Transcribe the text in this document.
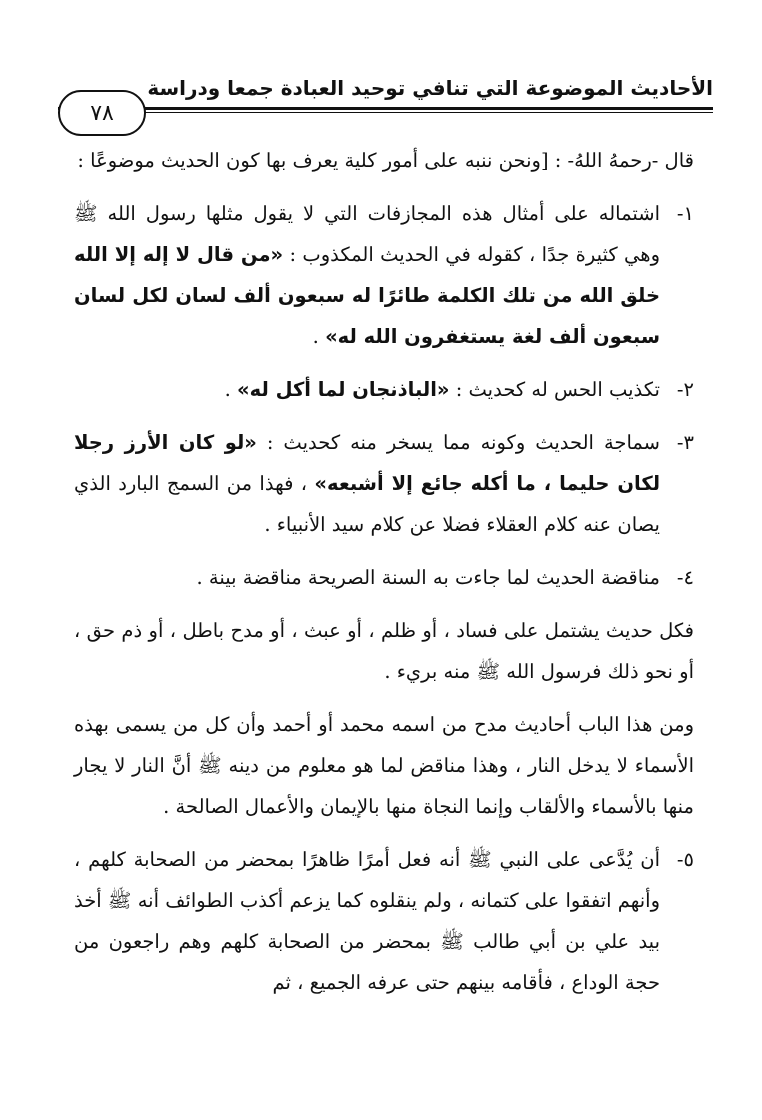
الأحاديث الموضوعة التي تنافي توحيد العبادة جمعا ودراسة
٧٨

قال -رحمهُ اللهُ- : [ونحن ننبه على أمور كلية يعرف بها كون الحديث موضوعًا :

١-
اشتماله على أمثال هذه المجازفات التي لا يقول مثلها رسول الله ﷺ وهي كثيرة جدًا ، كقوله في الحديث المكذوب : «من قال لا إله إلا الله خلق الله من تلك الكلمة طائرًا له سبعون ألف لسان لكل لسان سبعون ألف لغة يستغفرون الله له» .
٢-
تكذيب الحس له كحديث : «الباذنجان لما أكل له» .
٣-
سماجة الحديث وكونه مما يسخر منه كحديث : «لو كان الأرز رجلا لكان حليما ، ما أكله جائع إلا أشبعه» ، فهذا من السمج البارد الذي يصان عنه كلام العقلاء فضلا عن كلام سيد الأنبياء .
٤-
مناقضة الحديث لما جاءت به السنة الصريحة مناقضة بينة .

فكل حديث يشتمل على فساد ، أو ظلم ، أو عبث ، أو مدح باطل ، أو ذم حق ، أو نحو ذلك فرسول الله ﷺ منه بريء .

ومن هذا الباب أحاديث مدح من اسمه محمد أو أحمد وأن كل من يسمى بهذه الأسماء لا يدخل النار ، وهذا مناقض لما هو معلوم من دينه ﷺ أنَّ النار لا يجار منها بالأسماء والألقاب وإنما النجاة منها بالإيمان والأعمال الصالحة .

٥-
أن يُدَّعى على النبي ﷺ أنه فعل أمرًا ظاهرًا بمحضر من الصحابة كلهم ، وأنهم اتفقوا على كتمانه ، ولم ينقلوه كما يزعم أكذب الطوائف أنه ﷺ أخذ بيد علي بن أبي طالب ﷺ بمحضر من الصحابة كلهم وهم راجعون من حجة الوداع ، فأقامه بينهم حتى عرفه الجميع ، ثم
